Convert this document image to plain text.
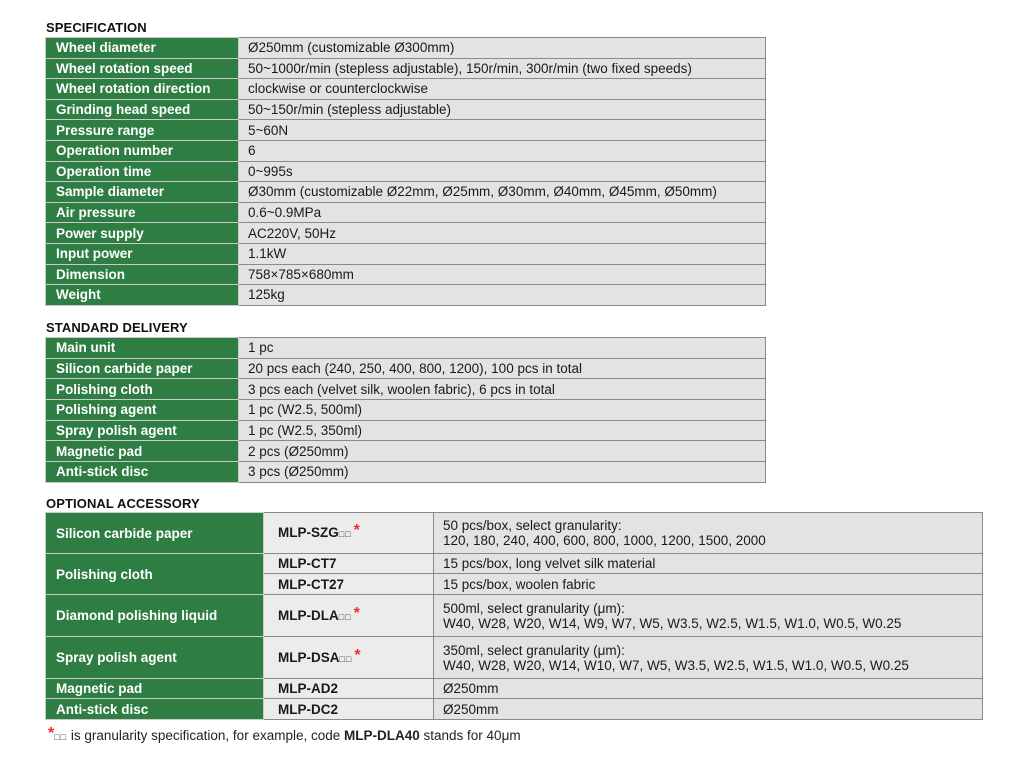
SPECIFICATION
Wheel diameter	Ø250mm (customizable Ø300mm)
Wheel rotation speed	50~1000r/min (stepless adjustable), 150r/min, 300r/min (two fixed speeds)
Wheel rotation direction	clockwise or counterclockwise
Grinding head speed	50~150r/min (stepless adjustable)
Pressure range	5~60N
Operation number	6
Operation time	0~995s
Sample diameter	Ø30mm (customizable Ø22mm, Ø25mm, Ø30mm, Ø40mm, Ø45mm, Ø50mm)
Air pressure	0.6~0.9MPa
Power supply	AC220V, 50Hz
Input power	1.1kW
Dimension	758×785×680mm
Weight	125kg
STANDARD DELIVERY
Main unit	1 pc
Silicon carbide paper	20 pcs each (240, 250, 400, 800, 1200), 100 pcs in total
Polishing cloth	3 pcs each (velvet silk, woolen fabric), 6 pcs in total
Polishing agent	1 pc (W2.5, 500ml)
Spray polish agent	1 pc (W2.5, 350ml)
Magnetic pad	2 pcs (Ø250mm)
Anti-stick disc	3 pcs (Ø250mm)
OPTIONAL ACCESSORY
Silicon carbide paper	MLP-SZG□□ *	50 pcs/box, select granularity:
120, 180, 240, 400, 600, 800, 1000, 1200, 1500, 2000

Polishing cloth	MLP-CT7	15 pcs/box, long velvet silk material
	MLP-CT27	15 pcs/box, woolen fabric
Diamond polishing liquid	MLP-DLA□□ *	500ml, select granularity (μm):
W40, W28, W20, W14, W9, W7, W5, W3.5, W2.5, W1.5, W1.0, W0.5, W0.25

Spray polish agent	MLP-DSA□□ *	350ml, select granularity (μm):
W40, W28, W20, W14, W10, W7, W5, W3.5, W2.5, W1.5, W1.0, W0.5, W0.25

Magnetic pad	MLP-AD2	Ø250mm
Anti-stick disc	MLP-DC2	Ø250mm
*□□ is granularity specification, for example, code MLP-DLA40 stands for 40μm
